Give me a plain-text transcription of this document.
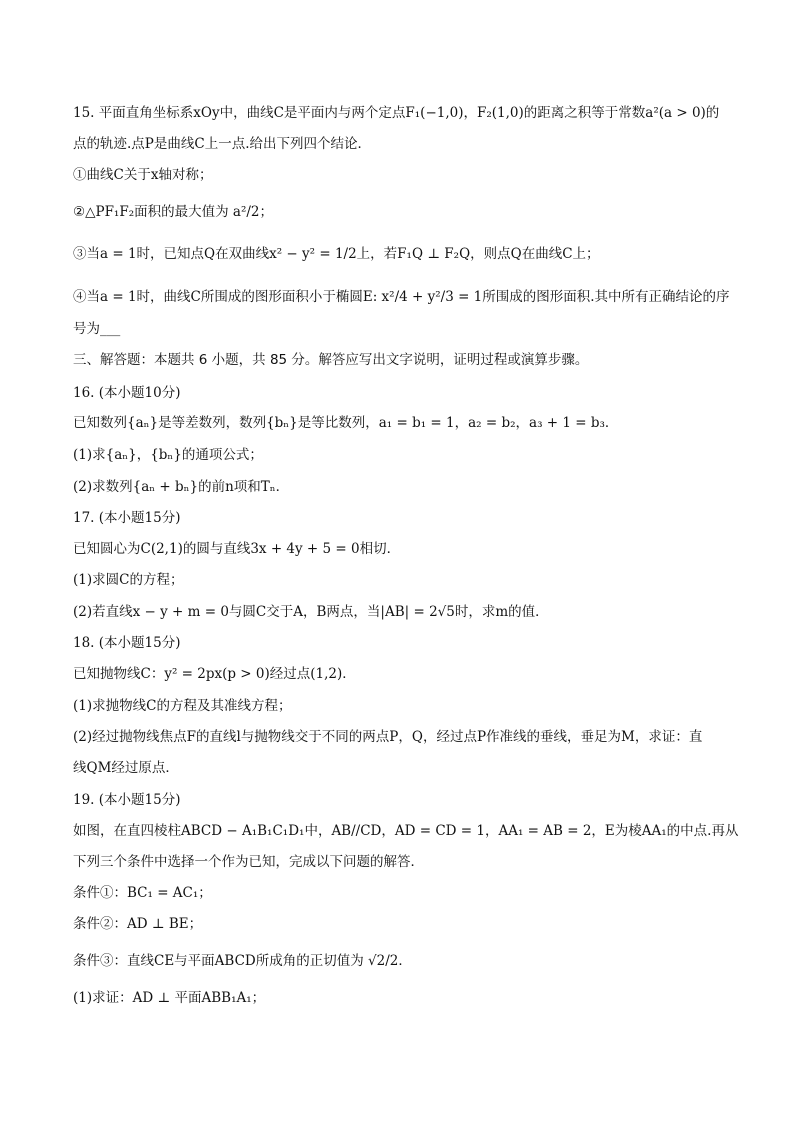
15. 平面直角坐标系xOy中，曲线C是平面内与两个定点F₁(−1,0)，F₂(1,0)的距离之积等于常数a²(a > 0)的
点的轨迹.点P是曲线C上一点.给出下列四个结论．
①曲线C关于x轴对称；
②△PF₁F₂面积的最大值为 a²/2；
③当a = 1时，已知点Q在双曲线x² − y² = 1/2上，若F₁Q ⊥ F₂Q，则点Q在曲线C上；
④当a = 1时，曲线C所围成的图形面积小于椭圆E: x²/4 + y²/3 = 1所围成的图形面积.其中所有正确结论的序
号为___
三、解答题：本题共 6 小题，共 85 分。解答应写出文字说明，证明过程或演算步骤。
16. (本小题10分)
已知数列{aₙ}是等差数列，数列{bₙ}是等比数列，a₁ = b₁ = 1，a₂ = b₂，a₃ + 1 = b₃．
(1)求{aₙ}，{bₙ}的通项公式；
(2)求数列{aₙ + bₙ}的前n项和Tₙ．
17. (本小题15分)
已知圆心为C(2,1)的圆与直线3x + 4y + 5 = 0相切．
(1)求圆C的方程；
(2)若直线x − y + m = 0与圆C交于A，B两点，当|AB| = 2√5时，求m的值．
18. (本小题15分)
已知抛物线C：y² = 2px(p > 0)经过点(1,2)．
(1)求抛物线C的方程及其准线方程；
(2)经过抛物线焦点F的直线l与抛物线交于不同的两点P，Q，经过点P作准线的垂线，垂足为M，求证：直
线QM经过原点．
19. (本小题15分)
如图，在直四棱柱ABCD − A₁B₁C₁D₁中，AB//CD，AD = CD = 1，AA₁ = AB = 2，E为棱AA₁的中点.再从
下列三个条件中选择一个作为已知，完成以下问题的解答．
条件①：BC₁ = AC₁；
条件②：AD ⊥ BE；
条件③：直线CE与平面ABCD所成角的正切值为 √2/2．
(1)求证：AD ⊥ 平面ABB₁A₁；
